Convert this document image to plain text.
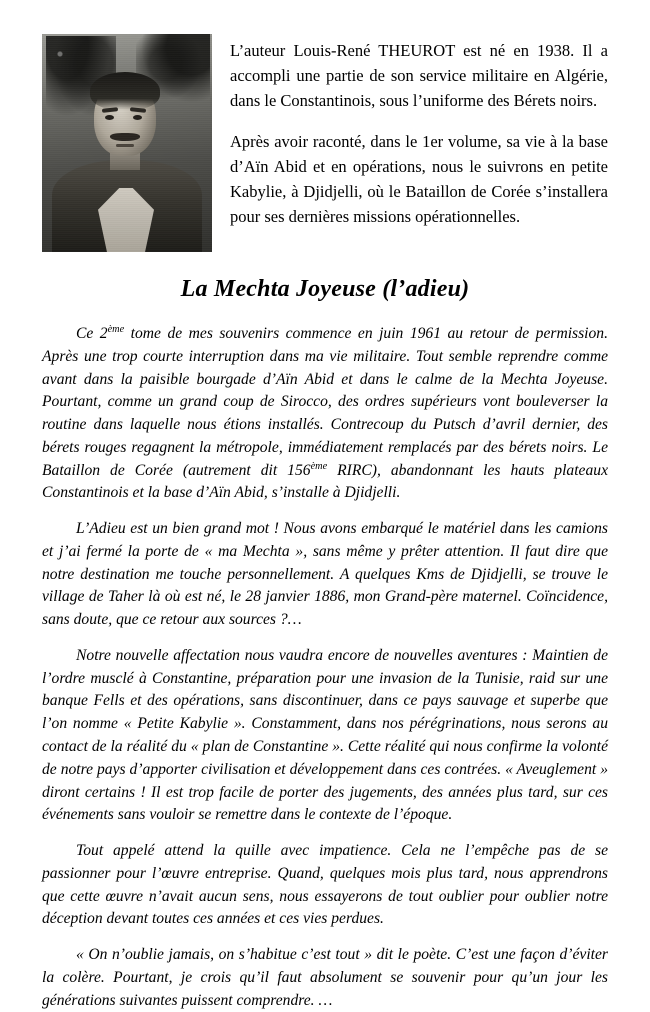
L’auteur Louis-René THEUROT est né en 1938. Il a accompli une partie de son service militaire en Algérie, dans le Constantinois, sous l’uniforme des Bérets noirs.

Après avoir raconté, dans le 1er volume, sa vie à la base d’Aïn Abid et en opérations, nous le suivrons en petite Kabylie, à Djidjelli, où le Bataillon de Corée s’installera pour ses dernières missions opérationnelles.

La Mechta Joyeuse (l’adieu)

Ce 2ème tome de mes souvenirs commence en juin 1961 au retour de permission. Après une trop courte interruption dans ma vie militaire. Tout semble reprendre comme avant dans la paisible bourgade d’Aïn Abid et dans le calme de la Mechta Joyeuse. Pourtant, comme un grand coup de Sirocco, des ordres supérieurs vont bouleverser la routine dans laquelle nous étions installés. Contrecoup du Putsch d’avril dernier, des bérets rouges regagnent la métropole, immédiatement remplacés par des bérets noirs. Le Bataillon de Corée (autrement dit 156ème RIRC), abandonnant les hauts plateaux Constantinois et la base d’Aïn Abid, s’installe à Djidjelli.

L’Adieu est un bien grand mot ! Nous avons embarqué le matériel dans les camions et j’ai fermé la porte de « ma Mechta », sans même y prêter attention. Il faut dire que notre destination me touche personnellement. A quelques Kms de Djidjelli, se trouve le village de Taher là où est né, le 28 janvier 1886, mon Grand-père maternel. Coïncidence, sans doute, que ce retour aux sources ?…

Notre nouvelle affectation nous vaudra encore de nouvelles aventures : Maintien de l’ordre musclé à Constantine, préparation pour une invasion de la Tunisie, raid sur une banque Fells et des opérations, sans discontinuer, dans ce pays sauvage et superbe que l’on nomme « Petite Kabylie ». Constamment, dans nos pérégrinations, nous serons au contact de la réalité du « plan de Constantine ». Cette réalité qui nous confirme la volonté de notre pays d’apporter civilisation et développement dans ces contrées. « Aveuglement » diront certains ! Il est trop facile de porter des jugements, des années plus tard, sur ces événements sans vouloir se remettre dans le contexte de l’époque.

Tout appelé attend la quille avec impatience. Cela ne l’empêche pas de se passionner pour l’œuvre entreprise. Quand, quelques mois plus tard, nous apprendrons que cette œuvre n’avait aucun sens, nous essayerons de tout oublier pour oublier notre déception devant toutes ces années et ces vies perdues.

« On n’oublie jamais, on s’habitue c’est tout » dit le poète. C’est une façon d’éviter la colère. Pourtant, je crois qu’il faut absolument se souvenir pour qu’un jour les générations suivantes puissent comprendre. …
